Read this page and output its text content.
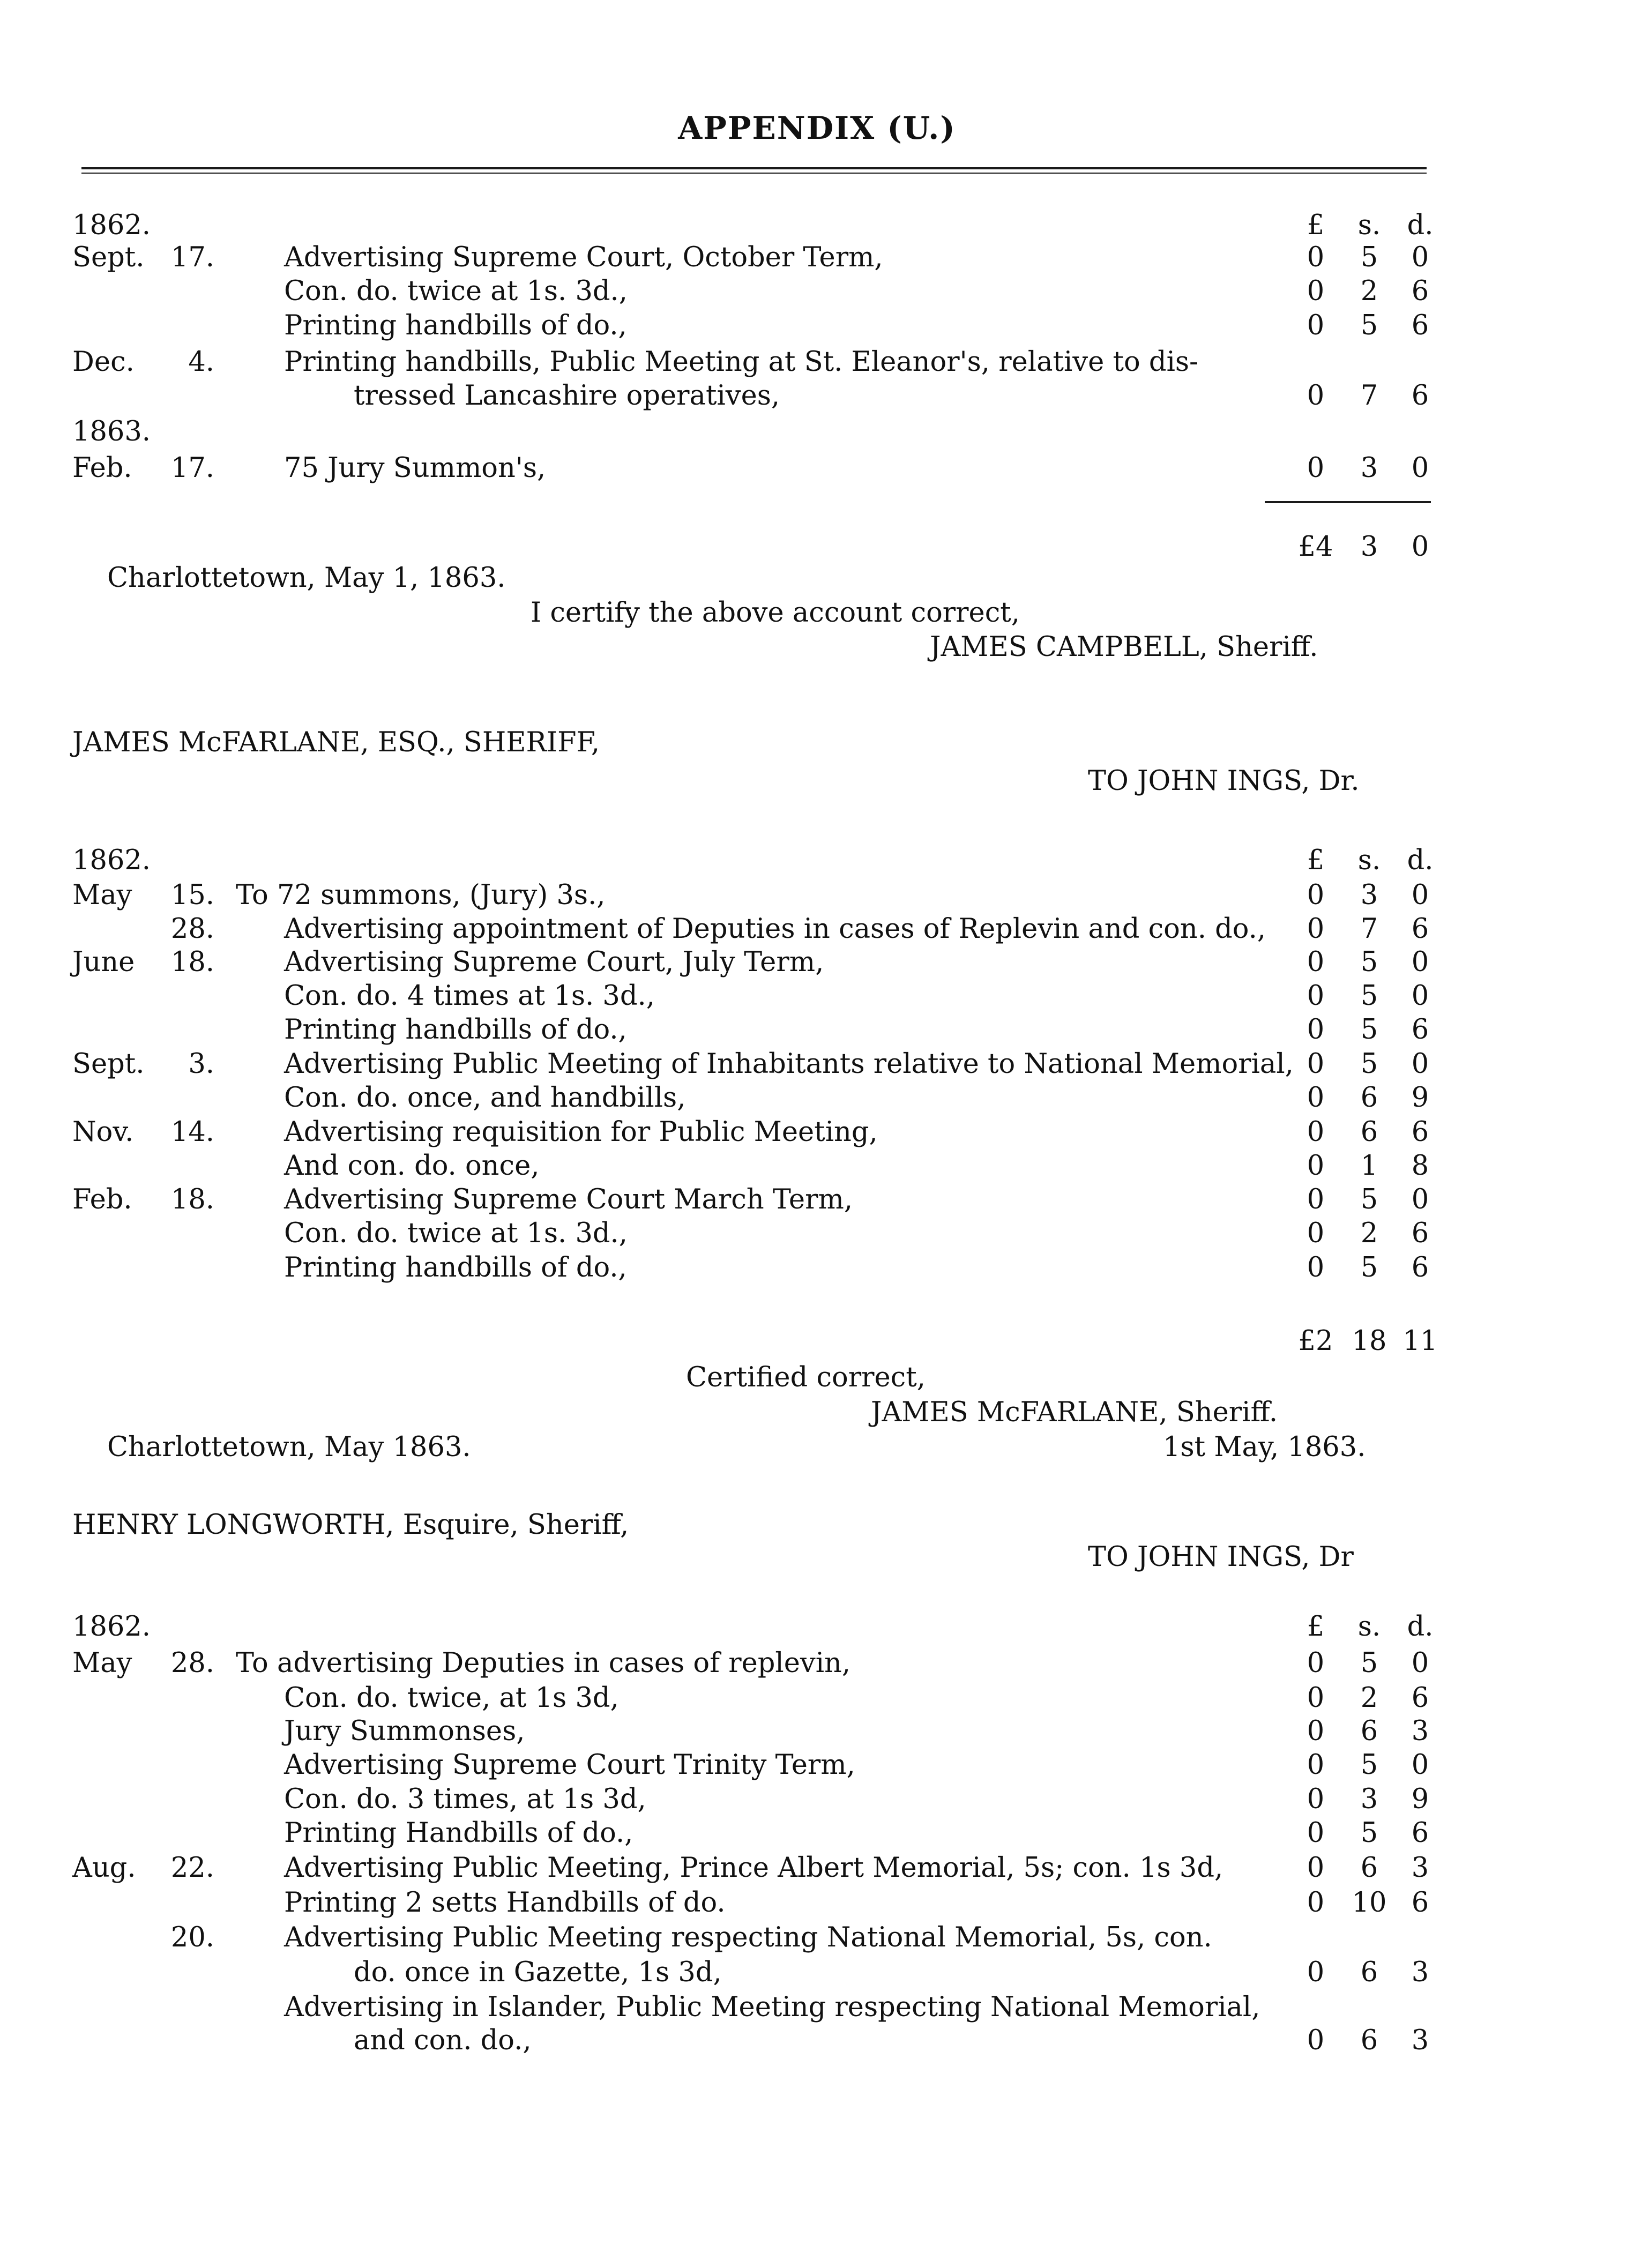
APPENDIX (U.)
£	s. d.
1862.
Sept. 17.	Advertising Supreme Court, October Term,	0	5	0
Con. do. twice at 1s. 3d.,	0	2	6
Printing handbills of do.,	0	5	6
Dec.	4.	Printing handbills, Public Meeting at St. Eleanor's, relative to dis-
tressed Lancashire operatives,	0	7	6
1863.
Feb.	17.	75 Jury Summon's,	0	3	0
£4	3	0
Charlottetown, May 1, 1863.
I certify the above account correct,
JAMES CAMPBELL, Sheriff.
JAMES McFARLANE, ESQ., SHERIFF,
TO JOHN INGS, Dr.
£	s. d.
1862.
May	15. To 72 summons, (Jury) 3s.,	0	3	0
28.	Advertising appointment of Deputies in cases of Replevin and con. do.,	0	7	6
June	18.	Advertising Supreme Court, July Term,	0	5	0
Con. do. 4 times at 1s. 3d.,	0	5	0
Printing handbills of do.,	0	5	6
Sept.	3.	Advertising Public Meeting of Inhabitants relative to National Memorial, 0	5	0
Con. do. once, and handbills,	0	6	9
Nov.	14.	Advertising requisition for Public Meeting,	0	6	6
And con. do. once,	0	1	8
Feb.	18.	Advertising Supreme Court March Term,	0	5	0
Con. do. twice at 1s. 3d.,	0	2	6
Printing handbills of do.,	0	5	6
£2 18 11
Certified correct,
JAMES McFARLANE, Sheriff.
Charlottetown, May 1863.	1st May, 1863.
HENRY LONGWORTH, Esquire, Sheriff,
TO JOHN INGS, Dr
£	s. d.
1862.
May	28. To advertising Deputies in cases of replevin,	0	5	0
Con. do. twice, at 1s 3d,	0	2	6
Jury Summonses,	0	6	3
Advertising Supreme Court Trinity Term,	0	5	0
Con. do. 3 times, at 1s 3d,	0	3	9
Printing Handbills of do.,	0	5	6
Aug.	22.	Advertising Public Meeting, Prince Albert Memorial, 5s; con. 1s 3d,	0	6	3
Printing 2 setts Handbills of do.	0	10 6
20.	Advertising Public Meeting respecting National Memorial, 5s, con.
do. once in Gazette, 1s 3d,	0	6	3
Advertising in Islander, Public Meeting respecting National Memorial,
and con. do.,	0	6	3
